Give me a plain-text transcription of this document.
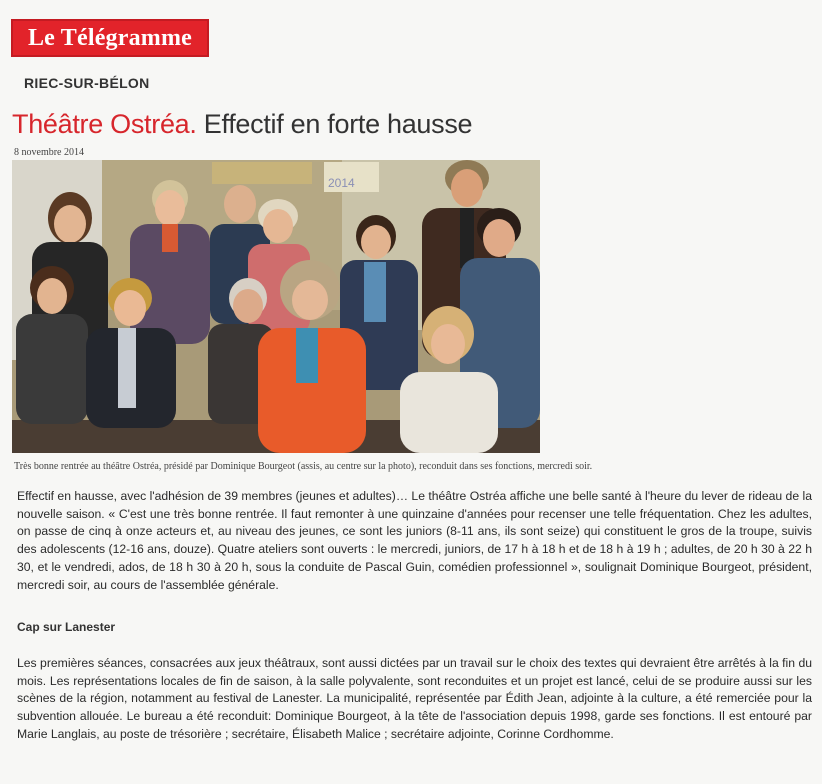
Le Télégramme
RIEC-SUR-BÉLON
Théâtre Ostréa. Effectif en forte hausse
8 novembre 2014
2014
Très bonne rentrée au théâtre Ostréa, présidé par Dominique Bourgeot (assis, au centre sur la photo), reconduit dans ses fonctions, mercredi soir.
Effectif en hausse, avec l'adhésion de 39 membres (jeunes et adultes)… Le théâtre Ostréa affiche une belle santé à l'heure du lever de rideau de la nouvelle saison. « C'est une très bonne rentrée. Il faut remonter à une quinzaine d'années pour recenser une telle fréquentation. Chez les adultes, on passe de cinq à onze acteurs et, au niveau des jeunes, ce sont les juniors (8-11 ans, ils sont seize) qui constituent le gros de la troupe, suivis des adolescents (12-16 ans, douze). Quatre ateliers sont ouverts : le mercredi, juniors, de 17 h à 18 h et de 18 h à 19 h ; adultes, de 20 h 30 à 22 h 30, et le vendredi, ados, de 18 h 30 à 20 h, sous la conduite de Pascal Guin, comédien professionnel », soulignait Dominique Bourgeot, président, mercredi soir, au cours de l'assemblée générale.
Cap sur Lanester
Les premières séances, consacrées aux jeux théâtraux, sont aussi dictées par un travail sur le choix des textes qui devraient être arrêtés à la fin du mois. Les représentations locales de fin de saison, à la salle polyvalente, sont reconduites et un projet est lancé, celui de se produire aussi sur les scènes de la région, notamment au festival de Lanester. La municipalité, représentée par Édith Jean, adjointe à la culture, a été remerciée pour la subvention allouée. Le bureau a été reconduit: Dominique Bourgeot, à la tête de l'association depuis 1998, garde ses fonctions. Il est entouré par Marie Langlais, au poste de trésorière ; secrétaire, Élisabeth Malice ; secrétaire adjointe, Corinne Cordhomme.
